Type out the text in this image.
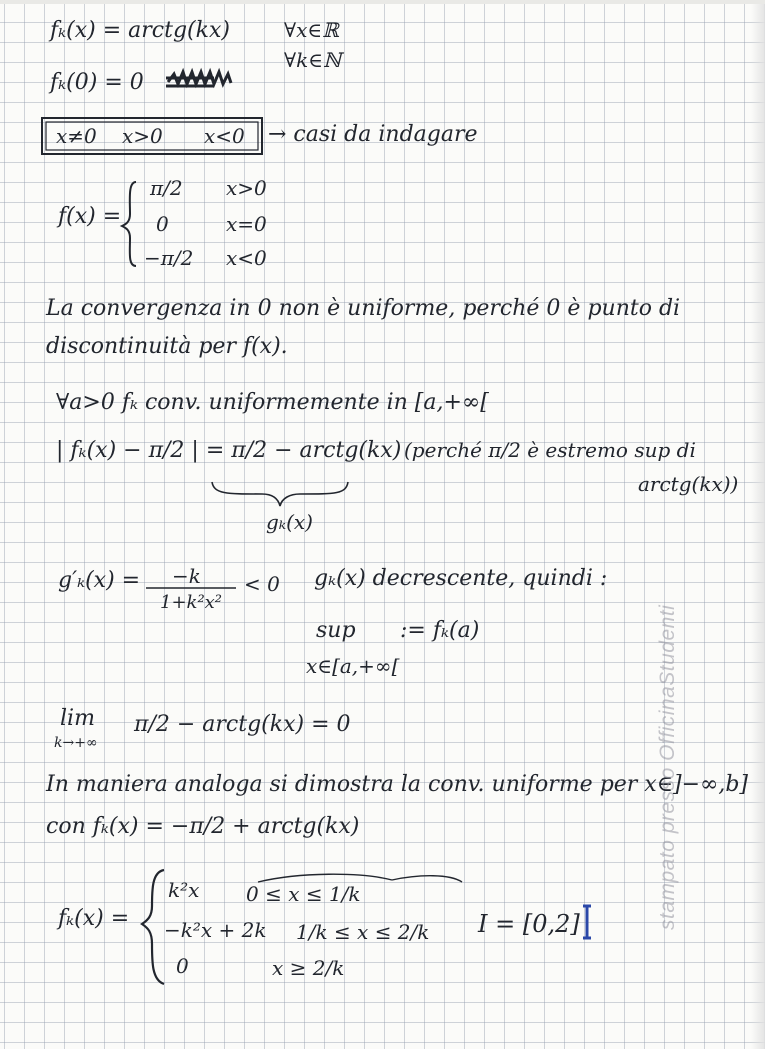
fₖ(x) = arctg(kx)	∀x∈ℝ
∀k∈ℕ
fₖ(0) = 0
x≠0 x>0 x<0 → casi da indagare
f(x) =
π/2 x>0
0	x=0
−π/2 x<0
La convergenza in 0 non è uniforme, perché 0 è punto di
discontinuità per f(x).
∀a>0 fₖ conv. uniformemente in [a,+∞[
| fₖ(x) − π/2 | = π/2 − arctg(kx) (perché π/2 è estremo sup di
arctg(kx))
gₖ(x)
g′ₖ(x) = −k
1+k²x²
< 0 gₖ(x) decrescente, quindi :
sup := fₖ(a)
x∈[a,+∞[
lim
k→+∞
π/2 − arctg(kx) = 0
In maniera analoga si dimostra la conv. uniforme per x∈]−∞,b]
con fₖ(x) = −π/2 + arctg(kx)
fₖ(x) =
k²x 0 ≤ x ≤ 1/k
−k²x + 2k 1/k ≤ x ≤ 2/k
0	x ≥ 2/k
I = [0,2]	stampato presso OfficinaStudenti
